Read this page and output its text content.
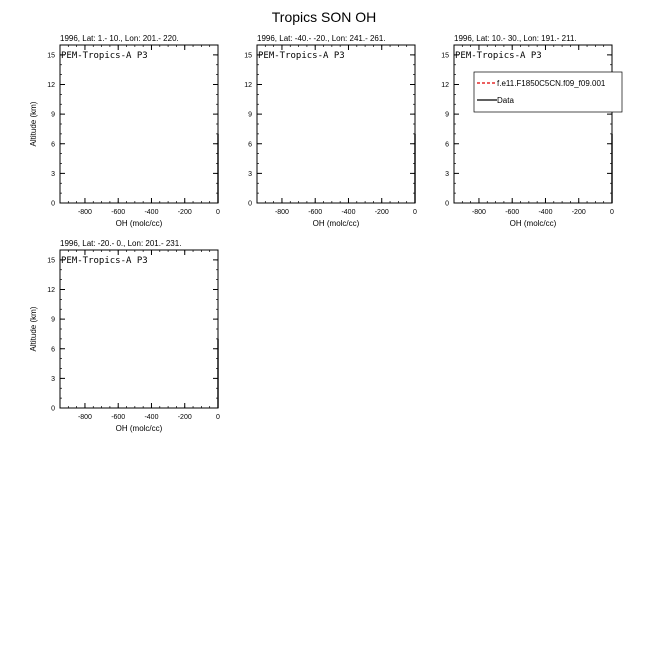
Tropics SON OH
1996, Lat: 1.- 10., Lon: 201.- 220.
0
3
6
9
12
15
-800	-600	-400	-200	0
OH (molc/cc)
Altitude (km)
PEM-Tropics-A P3
1996, Lat: -40.- -20., Lon: 241.- 261.
0
3
6
9
12
15
-800	-600	-400	-200	0
OH (molc/cc)
PEM-Tropics-A P3
1996, Lat: 10.- 30., Lon: 191.- 211.
0
3
6
9
12
15
-800	-600	-400	-200	0
OH (molc/cc)
PEM-Tropics-A P3
1996, Lat: -20.- 0., Lon: 201.- 231.
0
3
6
9
12
15
-800	-600	-400	-200	0
OH (molc/cc)
Altitude (km)
PEM-Tropics-A P3
f.e11.F1850C5CN.f09_f09.001
Data
